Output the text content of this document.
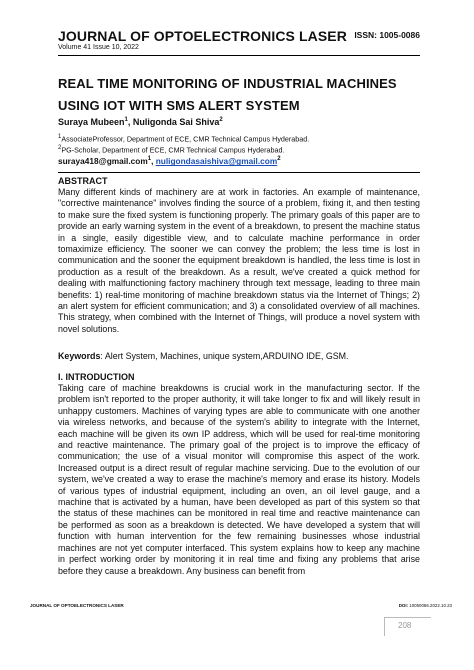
JOURNAL OF OPTOELECTRONICS LASER ISSN: 1005-0086
Volume 41 Issue 10, 2022
REAL TIME MONITORING OF INDUSTRIAL MACHINES USING IOT WITH SMS ALERT SYSTEM
Suraya Mubeen$^1$, Nuligonda Sai Shiva$^2$
$^1$AssociateProfessor, Department of ECE, CMR Technical Campus Hyderabad.
$^2$PG-Scholar, Department of ECE, CMR Technical Campus Hyderabad.
suraya418@gmail.com$^1$, nuligondasaishiva@gmail.com$^2$
ABSTRACT
Many different kinds of machinery are at work in factories. An example of maintenance, "corrective maintenance" involves finding the source of a problem, fixing it, and then testing to make sure the fixed system is functioning properly. The primary goals of this paper are to provide an early warning system in the event of a breakdown, to present the machine status in a single, easily digestible view, and to calculate machine performance in order tomaximize efficiency. The sooner we can convey the problem; the less time is lost in communication and the sooner the equipment breakdown is handled, the less time is lost in production as a result of the breakdown. As a result, we've created a quick method for dealing with malfunctioning factory machinery through text message, leading to three main benefits: 1) real-time monitoring of machine breakdown status via the Internet of Things; 2) an alert system for efficient communication; and 3) a consolidated overview of all machines. This strategy, when combined with the Internet of Things, will produce a novel system with novel solutions.
Keywords: Alert System, Machines, unique system,ARDUINO IDE, GSM.
I. INTRODUCTION
Taking care of machine breakdowns is crucial work in the manufacturing sector. If the problem isn't reported to the proper authority, it will take longer to fix and will likely result in unhappy customers. Machines of varying types are able to communicate with one another via wireless networks, and because of the system's ability to integrate with the Internet, each machine will be given its own IP address, which will be used for real-time monitoring and reactive maintenance. The primary goal of the project is to improve the efficacy of communication; the use of a visual monitor will compromise this aspect of the work. Increased output is a direct result of regular machine servicing. Due to the evolution of our system, we've created a way to erase the machine's memory and erase its history. Models of various types of industrial equipment, including an oven, an oil level gauge, and a machine that is activated by a human, have been developed as part of this system so that the status of these machines can be monitored in real time and reactive maintenance can be performed as soon as a breakdown is detected. We have developed a system that will function with human intervention for the few remaining businesses whose industrial machines are not yet computer interfaced. This system explains how to keep any machine in perfect working order by monitoring it in real time and fixing any problems that arise before they cause a breakdown. Any business can benefit from
JOURNAL OF OPTOELECTRONICS LASER	DOI: 10050086.2022.10.23
208
